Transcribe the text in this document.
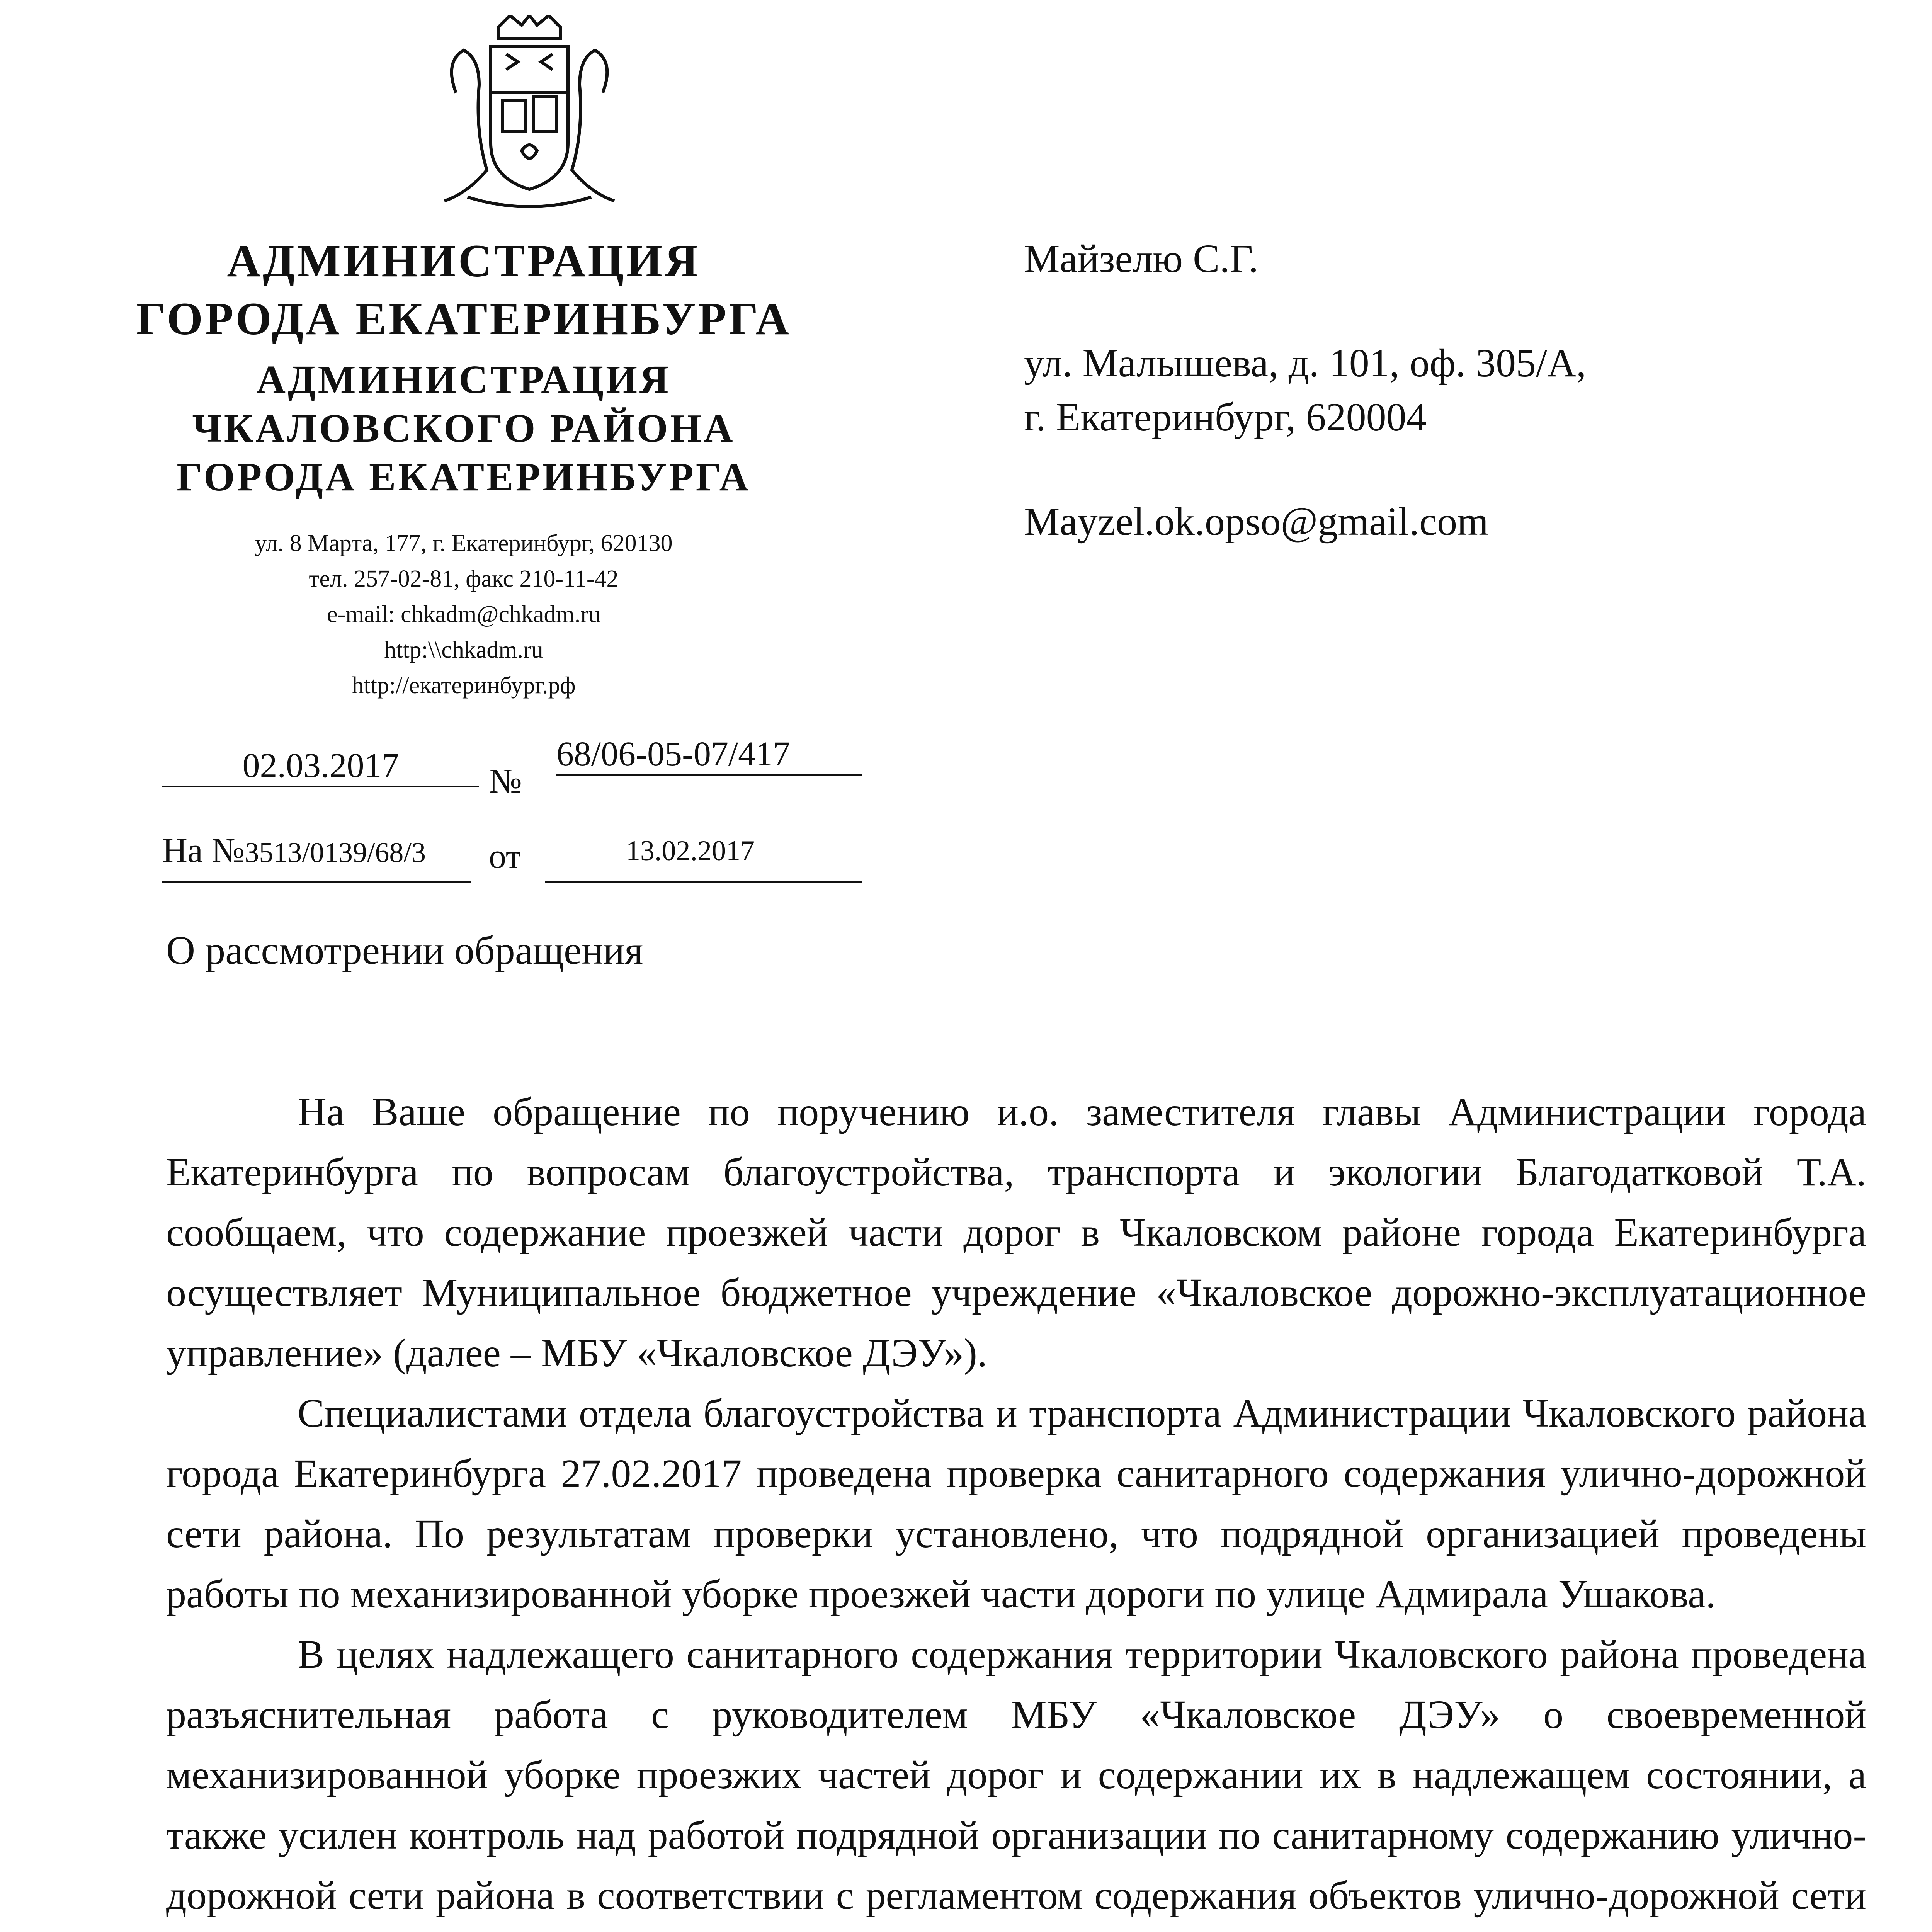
АДМИНИСТРАЦИЯ
ГОРОДА ЕКАТЕРИНБУРГА
АДМИНИСТРАЦИЯ
ЧКАЛОВСКОГО РАЙОНА
ГОРОДА ЕКАТЕРИНБУРГА
ул. 8 Марта, 177, г. Екатеринбург, 620130
тел. 257-02-81, факс 210-11-42
e-mail: chkadm@chkadm.ru
http:\\chkadm.ru
http://екатеринбург.рф
02.03.2017	№
68/06-05-07/417
На №3513/0139/68/3 от	13.02.2017
Майзелю С.Г.
ул. Малышева, д. 101, оф. 305/А,
г. Екатеринбург, 620004
Mayzel.ok.opso@gmail.com
О рассмотрении обращения

На Ваше обращение по поручению и.о. заместителя главы Администрации города Екатеринбурга по вопросам благоустройства, транспорта и экологии Благодатковой Т.А. сообщаем, что содержание проезжей части дорог в Чкаловском районе города Екатеринбурга осуществляет Муниципальное бюджетное учреждение «Чкаловское дорожно-эксплуатационное управление» (далее – МБУ «Чкаловское ДЭУ»).

Специалистами отдела благоустройства и транспорта Администрации Чкаловского района города Екатеринбурга 27.02.2017 проведена проверка санитарного содержания улично-дорожной сети района. По результатам проверки установлено, что подрядной организацией проведены работы по механизированной уборке проезжей части дороги по улице Адмирала Ушакова.

В целях надлежащего санитарного содержания территории Чкаловского района проведена разъяснительная работа с руководителем МБУ «Чкаловское ДЭУ» о своевременной механизированной уборке проезжих частей дорог и содержании их в надлежащем состоянии, а также усилен контроль над работой подрядной организации по санитарному содержанию улично-дорожной сети района в соответствии с регламентом содержания объектов улично-дорожной сети
